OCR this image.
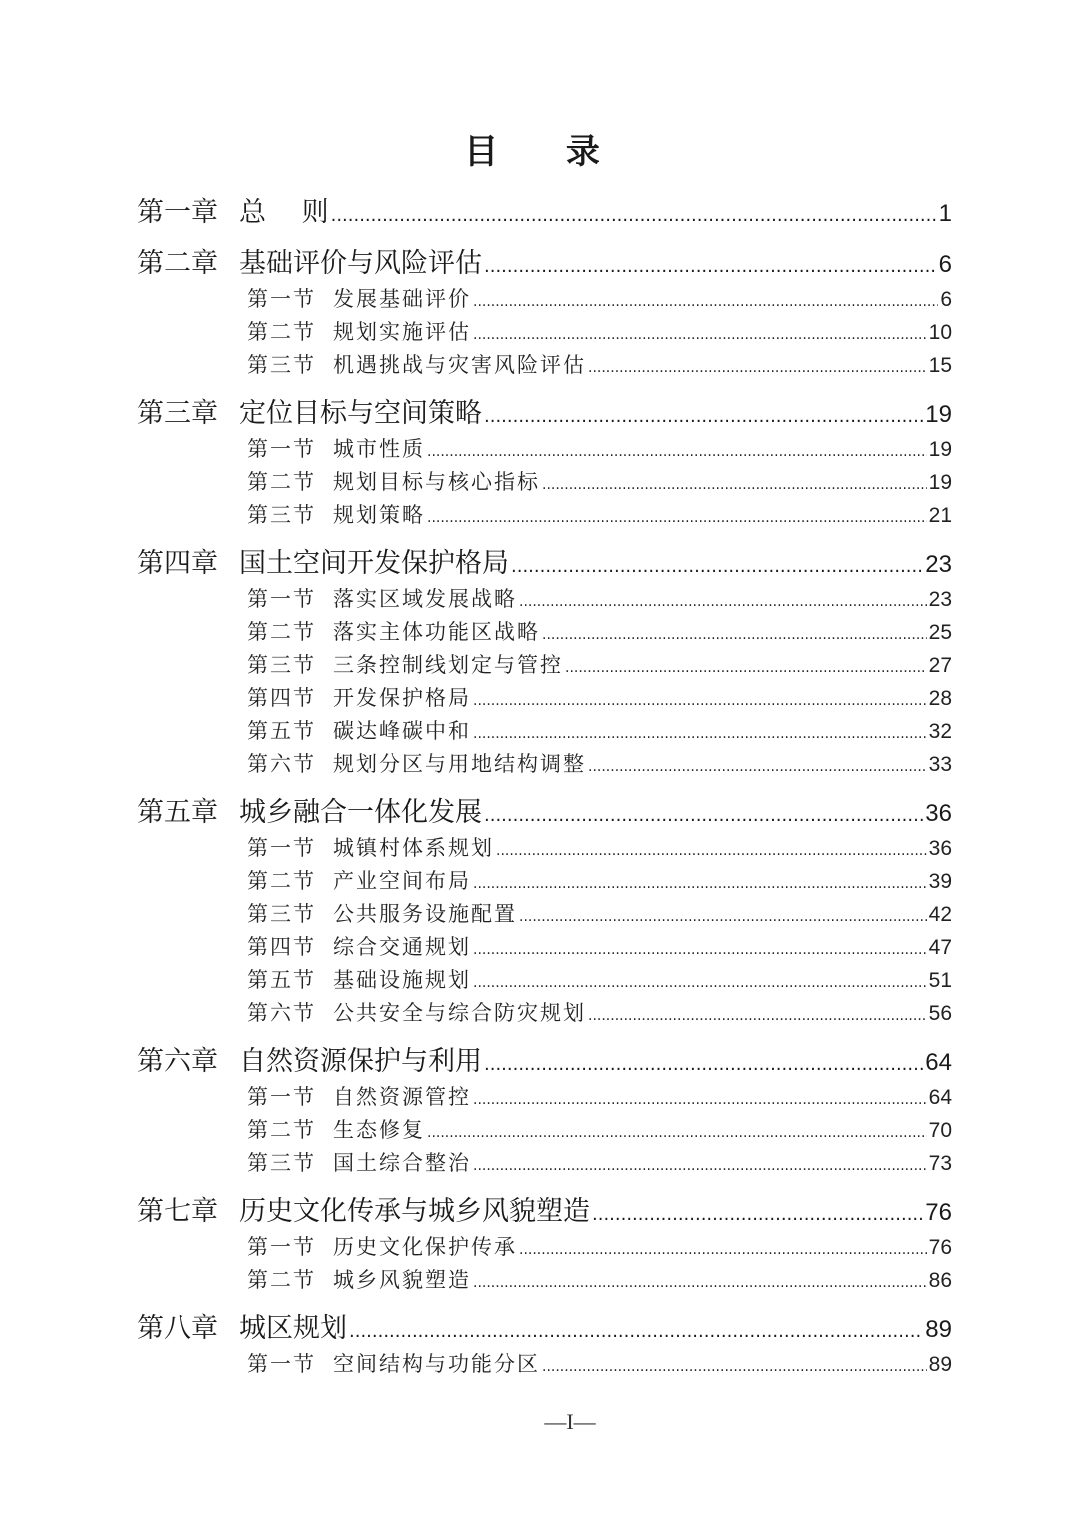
目 录
第一章 总　 则 .....	1
第二章 基础评价与风险评估 .....	6
第一节 发展基础评价 .....	6
第二节 规划实施评估 .....	10
第三节 机遇挑战与灾害风险评估 .....	15
第三章 定位目标与空间策略 .....	19
第一节 城市性质 .....	19
第二节 规划目标与核心指标 .....	19
第三节 规划策略 .....	21
第四章 国土空间开发保护格局 .....	23
第一节 落实区域发展战略 .....	23
第二节 落实主体功能区战略 .....	25
第三节 三条控制线划定与管控 .....	27
第四节 开发保护格局 .....	28
第五节 碳达峰碳中和 .....	32
第六节 规划分区与用地结构调整 .....	33
第五章 城乡融合一体化发展 .....	36
第一节 城镇村体系规划 .....	36
第二节 产业空间布局 .....	39
第三节 公共服务设施配置 .....	42
第四节 综合交通规划 .....	47
第五节 基础设施规划 .....	51
第六节 公共安全与综合防灾规划 .....	56
第六章 自然资源保护与利用 .....	64
第一节 自然资源管控 .....	64
第二节 生态修复 .....	70
第三节 国土综合整治 .....	73
第七章 历史文化传承与城乡风貌塑造 .....	76
第一节 历史文化保护传承 .....	76
第二节 城乡风貌塑造 .....	86
第八章 城区规划 .....	89
第一节 空间结构与功能分区 .....	89
—I—
